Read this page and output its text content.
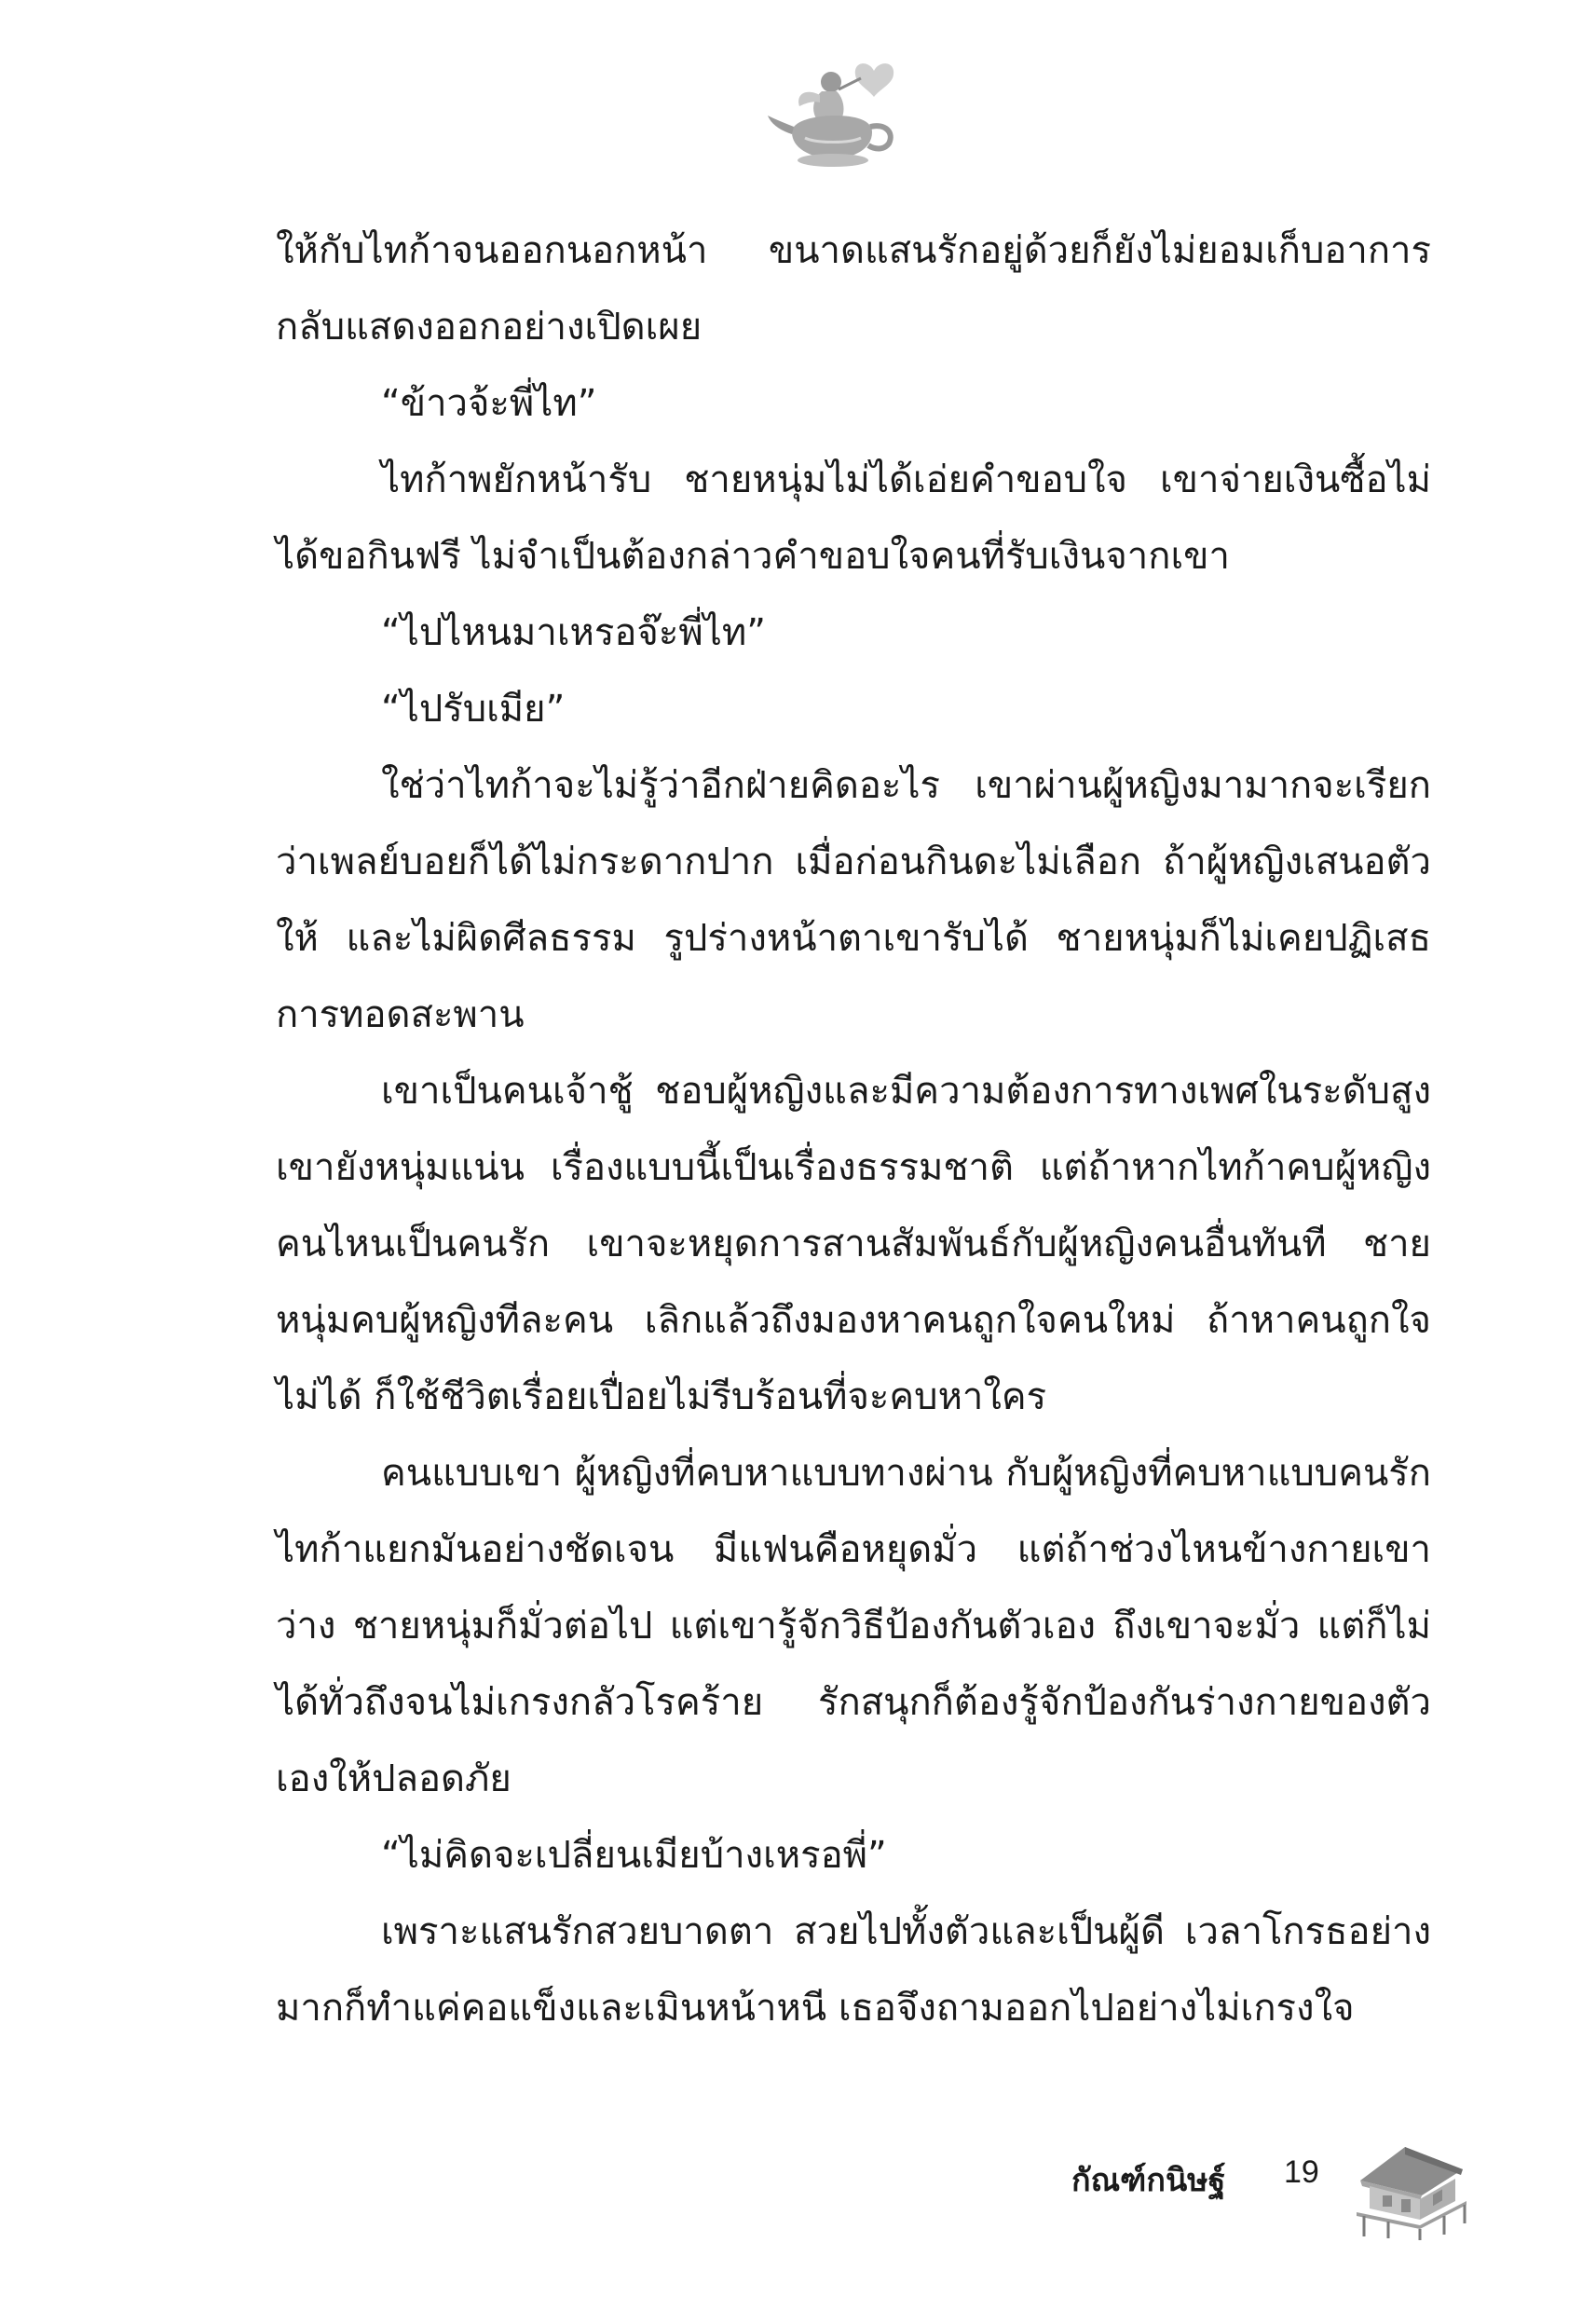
ให้กับไทก้าจนออกนอกหน้า ขนาดแสนรักอยู่ด้วยก็ยังไม่ยอมเก็บอาการกลับแสดงออกอย่างเปิดเผย

“ข้าวจ้ะพี่ไท”

ไทก้าพยักหน้ารับ ชายหนุ่มไม่ได้เอ่ยคำขอบใจ เขาจ่ายเงินซื้อไม่ได้ขอกินฟรี ไม่จำเป็นต้องกล่าวคำขอบใจคนที่รับเงินจากเขา

“ไปไหนมาเหรอจ๊ะพี่ไท”

“ไปรับเมีย”

ใช่ว่าไทก้าจะไม่รู้ว่าอีกฝ่ายคิดอะไร เขาผ่านผู้หญิงมามากจะเรียกว่าเพลย์บอยก็ได้ไม่กระดากปาก เมื่อก่อนกินดะไม่เลือก ถ้าผู้หญิงเสนอตัวให้ และไม่ผิดศีลธรรม รูปร่างหน้าตาเขารับได้ ชายหนุ่มก็ไม่เคยปฏิเสธการทอดสะพาน

เขาเป็นคนเจ้าชู้ ชอบผู้หญิงและมีความต้องการทางเพศในระดับสูง เขายังหนุ่มแน่น เรื่องแบบนี้เป็นเรื่องธรรมชาติ แต่ถ้าหากไทก้าคบผู้หญิงคนไหนเป็นคนรัก เขาจะหยุดการสานสัมพันธ์กับผู้หญิงคนอื่นทันที ชายหนุ่มคบผู้หญิงทีละคน เลิกแล้วถึงมองหาคนถูกใจคนใหม่ ถ้าหาคนถูกใจไม่ได้ ก็ใช้ชีวิตเรื่อยเปื่อยไม่รีบร้อนที่จะคบหาใคร

คนแบบเขา ผู้หญิงที่คบหาแบบทางผ่าน กับผู้หญิงที่คบหาแบบคนรัก ไทก้าแยกมันอย่างชัดเจน มีแฟนคือหยุดมั่ว แต่ถ้าช่วงไหนข้างกายเขาว่าง ชายหนุ่มก็มั่วต่อไป แต่เขารู้จักวิธีป้องกันตัวเอง ถึงเขาจะมั่ว แต่ก็ไม่ได้ทั่วถึงจนไม่เกรงกลัวโรคร้าย รักสนุกก็ต้องรู้จักป้องกันร่างกายของตัวเองให้ปลอดภัย

“ไม่คิดจะเปลี่ยนเมียบ้างเหรอพี่”

เพราะแสนรักสวยบาดตา สวยไปทั้งตัวและเป็นผู้ดี เวลาโกรธอย่างมากก็ทำแค่คอแข็งและเมินหน้าหนี เธอจึงถามออกไปอย่างไม่เกรงใจ

กัณฑ์กนิษฐ์ 19
